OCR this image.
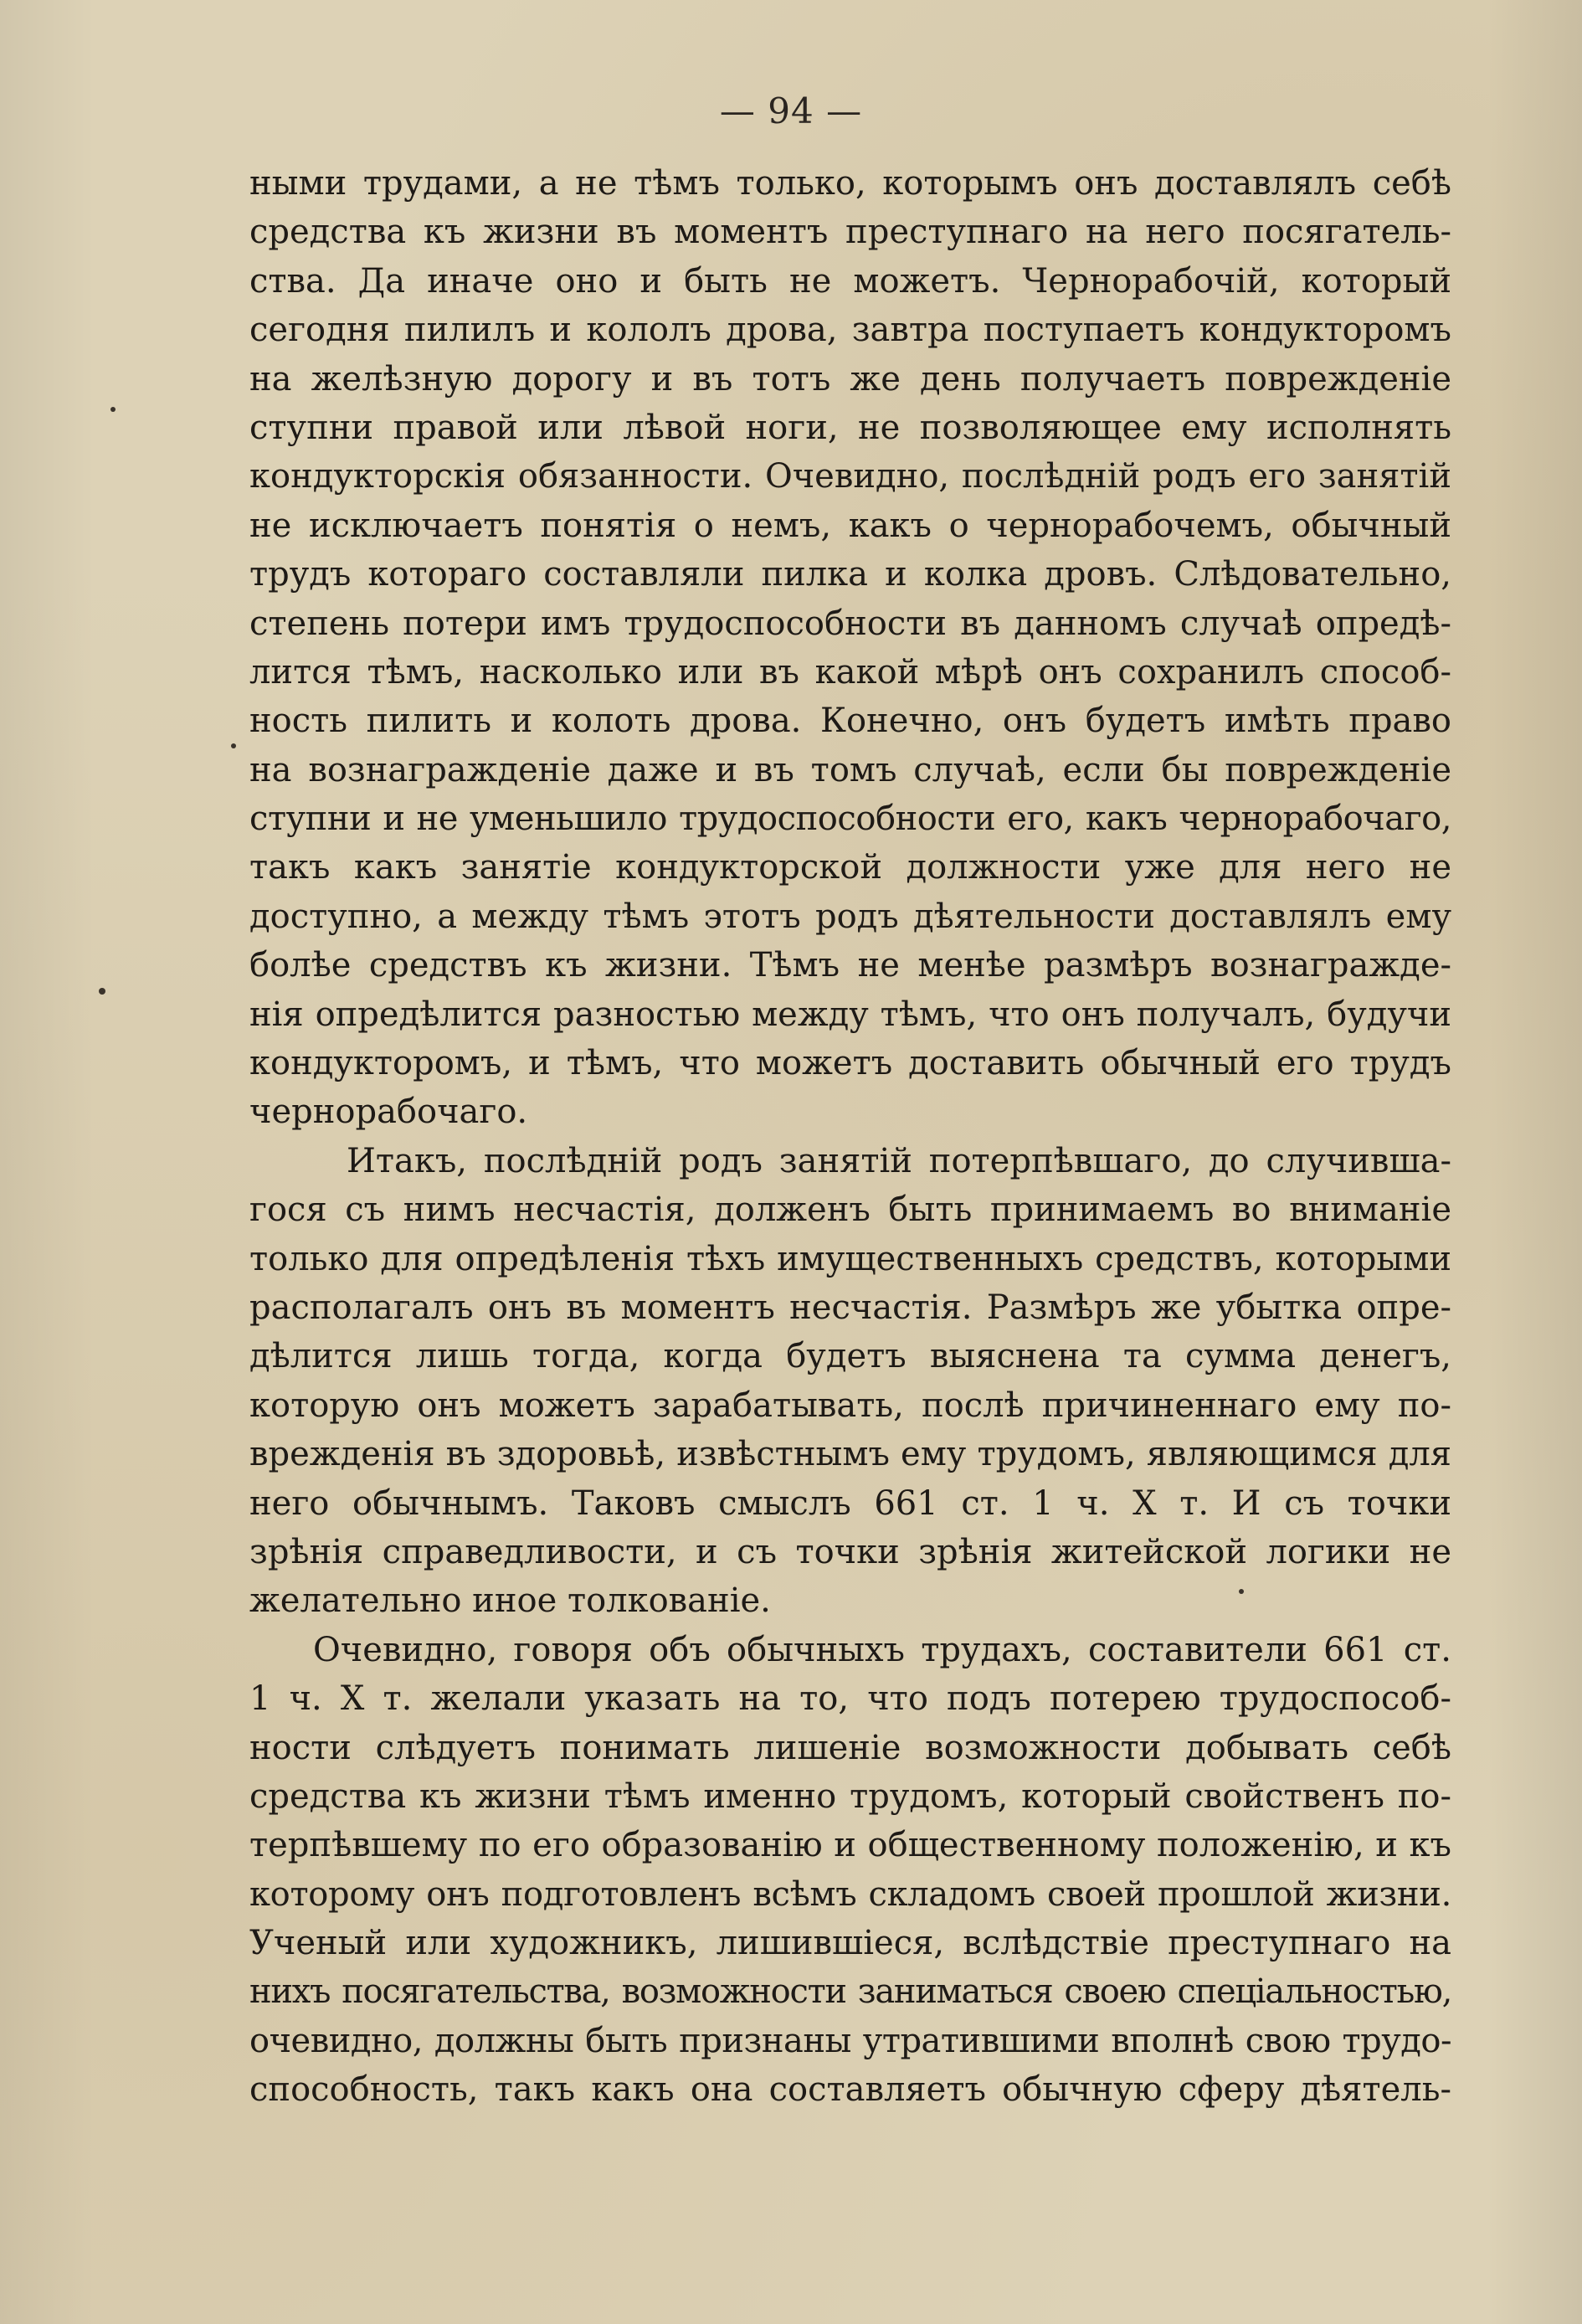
— 94 —
ными трудами, а не тѣмъ только, которымъ онъ доставлялъ себѣ
средства къ жизни въ моментъ преступнаго на него посягатель-
ства. Да иначе оно и быть не можетъ. Чернорабочій, который
сегодня пилилъ и кололъ дрова, завтра поступаетъ кондукторомъ
на желѣзную дорогу и въ тотъ же день получаетъ поврежденіе
ступни правой или лѣвой ноги, не позволяющее ему исполнять
кондукторскія обязанности. Очевидно, послѣдній родъ его занятій
не исключаетъ понятія о немъ, какъ о чернорабочемъ, обычный
трудъ котораго составляли пилка и колка дровъ. Слѣдовательно,
степень потери имъ трудоспособности въ данномъ случаѣ опредѣ-
лится тѣмъ, насколько или въ какой мѣрѣ онъ сохранилъ способ-
ность пилить и колоть дрова. Конечно, онъ будетъ имѣть право
на вознагражденіе даже и въ томъ случаѣ, если бы поврежденіе
ступни и не уменьшило трудоспособности его, какъ чернорабочаго,
такъ какъ занятіе кондукторской должности уже для него не
доступно, а между тѣмъ этотъ родъ дѣятельности доставлялъ ему
болѣе средствъ къ жизни. Тѣмъ не менѣе размѣръ вознагражде-
нія опредѣлится разностью между тѣмъ, что онъ получалъ, будучи
кондукторомъ, и тѣмъ, что можетъ доставить обычный его трудъ
чернорабочаго.
Итакъ, послѣдній родъ занятій потерпѣвшаго, до случивша-
гося съ нимъ несчастія, долженъ быть принимаемъ во вниманіе
только для опредѣленія тѣхъ имущественныхъ средствъ, которыми
располагалъ онъ въ моментъ несчастія. Размѣръ же убытка опре-
дѣлится лишь тогда, когда будетъ выяснена та сумма денегъ,
которую онъ можетъ зарабатывать, послѣ причиненнаго ему по-
врежденія въ здоровьѣ, извѣстнымъ ему трудомъ, являющимся для
него обычнымъ. Таковъ смыслъ 661 ст. 1 ч. X т. И съ точки
зрѣнія справедливости, и съ точки зрѣнія житейской логики не
желательно иное толкованіе.
Очевидно, говоря объ обычныхъ трудахъ, составители 661 ст.
1 ч. X т. желали указать на то, что подъ потерею трудоспособ-
ности слѣдуетъ понимать лишеніе возможности добывать себѣ
средства къ жизни тѣмъ именно трудомъ, который свойственъ по-
терпѣвшему по его образованію и общественному положенію, и къ
которому онъ подготовленъ всѣмъ складомъ своей прошлой жизни.
Ученый или художникъ, лишившіеся, вслѣдствіе преступнаго на
нихъ посягательства, возможности заниматься своею спеціальностью,
очевидно, должны быть признаны утратившими вполнѣ свою трудо-
способность, такъ какъ она составляетъ обычную сферу дѣятель-
